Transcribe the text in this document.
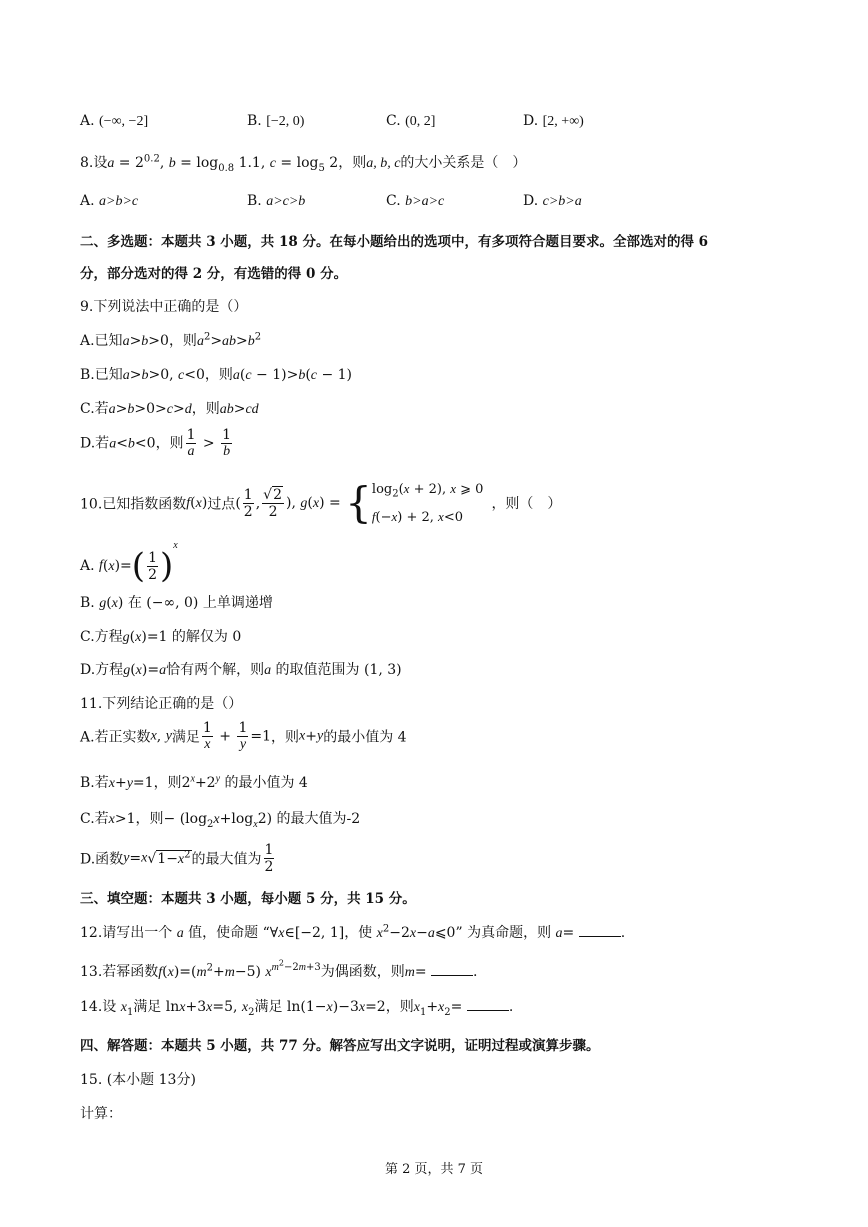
A. (−∞, −2]	B. [−2, 0)	C. (0, 2]	D. [2, +∞)
8.设$a = 2^{0.2}$, $b = \log_{0.8} 1.1$, $c = \log_5 2$，则a, b, c的大小关系是（　）
A. a>b>c	B. a>c>b	C. b>a>c	D. c>b>a
二、多选题：本题共 3 小题，共 18 分。在每小题给出的选项中，有多项符合题目要求。全部选对的得 6
分，部分选对的得 2 分，有选错的得 0 分。
9.下列说法中正确的是（）
A.已知a>b>0，则$a^2>ab>b^2$
B.已知a>b>0, c<0，则a(c − 1)>b(c − 1)
C.若a>b>0>c>d，则ab>cd
D.若a<b<0，则 $\frac{1}{a} > \frac{1}{b}$
10.已知指数函数f(x)过点( $\frac{1}{2}$ , $\frac{√2}{2}$ ), $g(x) = \{\log_2(x + 2)$, x ⩾ 0
f(−x) + 2, x<0，则（　）
A. $f(x)=( \frac{1}{2} )^x$
B. g(x) 在 (−∞, 0) 上单调递增
C.方程g(x)=1 的解仅为 0
D.方程g(x)=a恰有两个解，则a 的取值范围为 (1, 3)
11.下列结论正确的是（）
A.若正实数x, y满足 $\frac{1}{x} + \frac{1}{y} =1$，则x+y的最小值为 4
B.若x+y=1，则$2^x+2^y$ 的最小值为 4
C.若x>1，则− $(\log_2x+\log_x2)$ 的最大值为-2
D.函数$y=x√1-x^2$的最大值为 $\frac{1}{2}$
三、填空题：本题共 3 小题，每小题 5 分，共 15 分。
12.请写出一个 a 值，使命题 “∀x∈[−2, 1]，使 $x^2-2x-a⩽0$” 为真命题，则 a=	.
13.若幂函数$f(x)=(m^2+m-5)$ $x^{m^2-2m+3}$为偶函数，则m=	.
14.设 $x_1$满足 lnx+3x=5, $x_2$满足 ln(1−x)−3x=2，则$x_1+x_2=$	.
四、解答题：本题共 5 小题，共 77 分。解答应写出文字说明，证明过程或演算步骤。
15. (本小题 13分)
计算：
第 2 页，共 7 页
